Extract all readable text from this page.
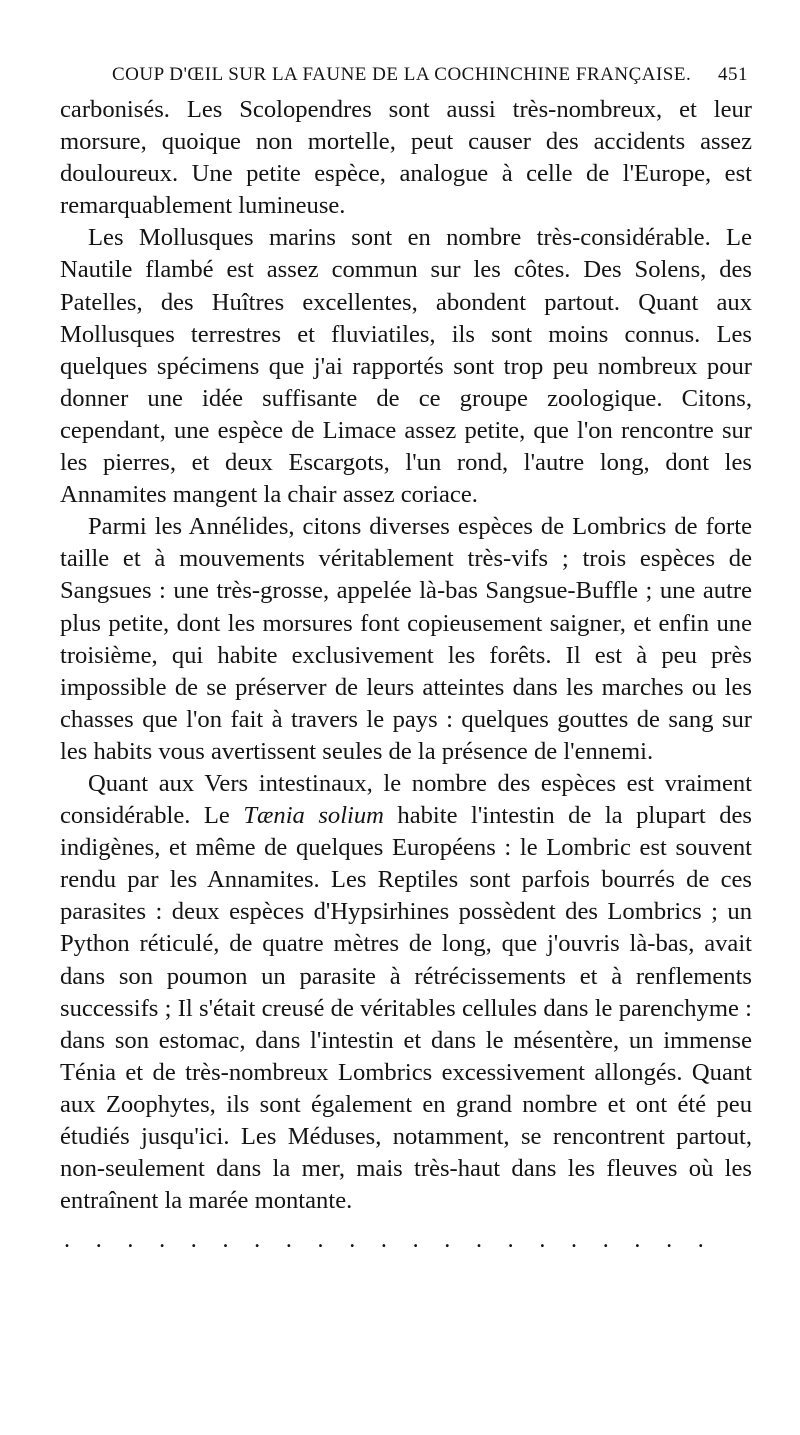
COUP D'ŒIL SUR LA FAUNE DE LA COCHINCHINE FRANÇAISE. 451

carbonisés. Les Scolopendres sont aussi très-nombreux, et leur morsure, quoique non mortelle, peut causer des accidents assez douloureux. Une petite espèce, analogue à celle de l'Europe, est remarquablement lumineuse.

Les Mollusques marins sont en nombre très-considérable. Le Nautile flambé est assez commun sur les côtes. Des Solens, des Patelles, des Huîtres excellentes, abondent partout. Quant aux Mollusques terrestres et fluviatiles, ils sont moins connus. Les quelques spécimens que j'ai rapportés sont trop peu nombreux pour donner une idée suffisante de ce groupe zoologique. Citons, cependant, une espèce de Limace assez petite, que l'on rencontre sur les pierres, et deux Escargots, l'un rond, l'autre long, dont les Annamites mangent la chair assez coriace.

Parmi les Annélides, citons diverses espèces de Lombrics de forte taille et à mouvements véritablement très-vifs ; trois espèces de Sangsues : une très-grosse, appelée là-bas Sangsue-Buffle ; une autre plus petite, dont les morsures font copieusement saigner, et enfin une troisième, qui habite exclusivement les forêts. Il est à peu près impossible de se préserver de leurs atteintes dans les marches ou les chasses que l'on fait à travers le pays : quelques gouttes de sang sur les habits vous avertissent seules de la présence de l'ennemi.

Quant aux Vers intestinaux, le nombre des espèces est vraiment considérable. Le Tænia solium habite l'intestin de la plupart des indigènes, et même de quelques Européens : le Lombric est souvent rendu par les Annamites. Les Reptiles sont parfois bourrés de ces parasites : deux espèces d'Hypsirhines possèdent des Lombrics ; un Python réticulé, de quatre mètres de long, que j'ouvris là-bas, avait dans son poumon un parasite à rétrécissements et à renflements successifs ; Il s'était creusé de véritables cellules dans le parenchyme : dans son estomac, dans l'intestin et dans le mésentère, un immense Ténia et de très-nombreux Lombrics excessivement allongés. Quant aux Zoophytes, ils sont également en grand nombre et ont été peu étudiés jusqu'ici. Les Méduses, notamment, se rencontrent partout, non-seulement dans la mer, mais très-haut dans les fleuves où les entraînent la marée montante.

. . . . . . . . . . . . . . . . . . . . .
